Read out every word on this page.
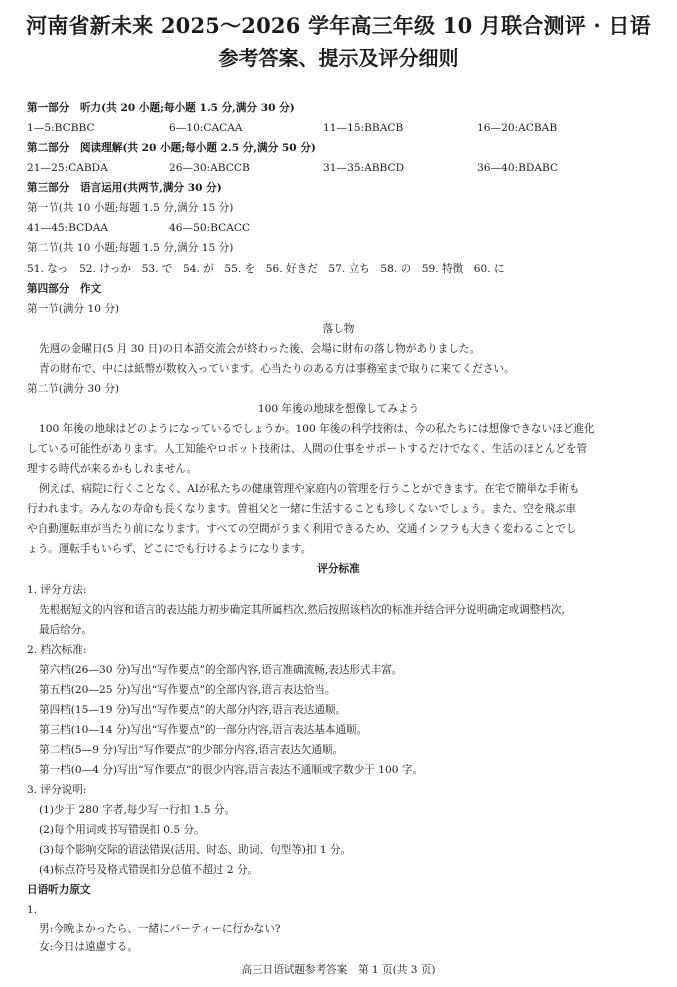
河南省新未来 2025～2026 学年高三年级 10 月联合测评 · 日语
参考答案、提示及评分细则
第一部分　听力(共 20 小题;每小题 1.5 分,满分 30 分)
1—5:BCBBC	6—10:CACAA	11—15:BBACB	16—20:ACBAB
第二部分　阅读理解(共 20 小题;每小题 2.5 分,满分 50 分)
21—25:CABDA	26—30:ABCCB	31—35:ABBCD	36—40:BDABC
第三部分　语言运用(共两节,满分 30 分)
第一节(共 10 小题;每题 1.5 分,满分 15 分)
41—45:BCDAA	46—50:BCACC
第二节(共 10 小题;每题 1.5 分,满分 15 分)
51. なっ　52. けっか　53. で　54. が　55. を　56. 好きだ　57. 立ち　58. の　59. 特徴　60. に
第四部分　作文
第一节(满分 10 分)
落し物
先週の金曜日(5 月 30 日)の日本語交流会が終わった後、会場に財布の落し物がありました。
青の財布で、中には紙幣が数枚入っています。心当たりのある方は事務室まで取りに来てください。
第二节(满分 30 分)
100 年後の地球を想像してみよう
100 年後の地球はどのようになっているでしょうか。100 年後の科学技術は、今の私たちには想像できないほど進化
している可能性があります。人工知能やロボット技術は、人間の仕事をサポートするだけでなく、生活のほとんどを管
理する時代が来るかもしれません。
例えば、病院に行くことなく、AIが私たちの健康管理や家庭内の管理を行うことができます。在宅で簡単な手術も
行われます。みんなの寿命も長くなります。曽祖父と一緒に生活することも珍しくないでしょう。また、空を飛ぶ車
や自動運転車が当たり前になります。すべての空間がうまく利用できるため、交通インフラも大きく変わることでし
ょう。運転手もいらず、どこにでも行けるようになります。
评分标准
1. 评分方法:
先根据短文的内容和语言的表达能力初步确定其所属档次,然后按照该档次的标准并结合评分说明确定或调整档次,
最后给分。
2. 档次标准:
第六档(26—30 分)写出“写作要点”的全部内容,语言准确流畅,表达形式丰富。
第五档(20—25 分)写出“写作要点”的全部内容,语言表达恰当。
第四档(15—19 分)写出“写作要点”的大部分内容,语言表达通顺。
第三档(10—14 分)写出“写作要点”的一部分内容,语言表达基本通顺。
第二档(5—9 分)写出“写作要点”的少部分内容,语言表达欠通顺。
第一档(0—4 分)写出“写作要点”的很少内容,语言表达不通顺或字数少于 100 字。
3. 评分说明:
(1)少于 280 字者,每少写一行扣 1.5 分。
(2)每个用词或书写错误扣 0.5 分。
(3)每个影响交际的语法错误(活用、时态、助词、句型等)扣 1 分。
(4)标点符号及格式错误扣分总值不超过 2 分。
日语听力原文
1.
男:今晩よかったら、一緒にパーティーに行かない?
女:今日は遠慮する。
高三日语试题参考答案　第 1 页(共 3 页)
